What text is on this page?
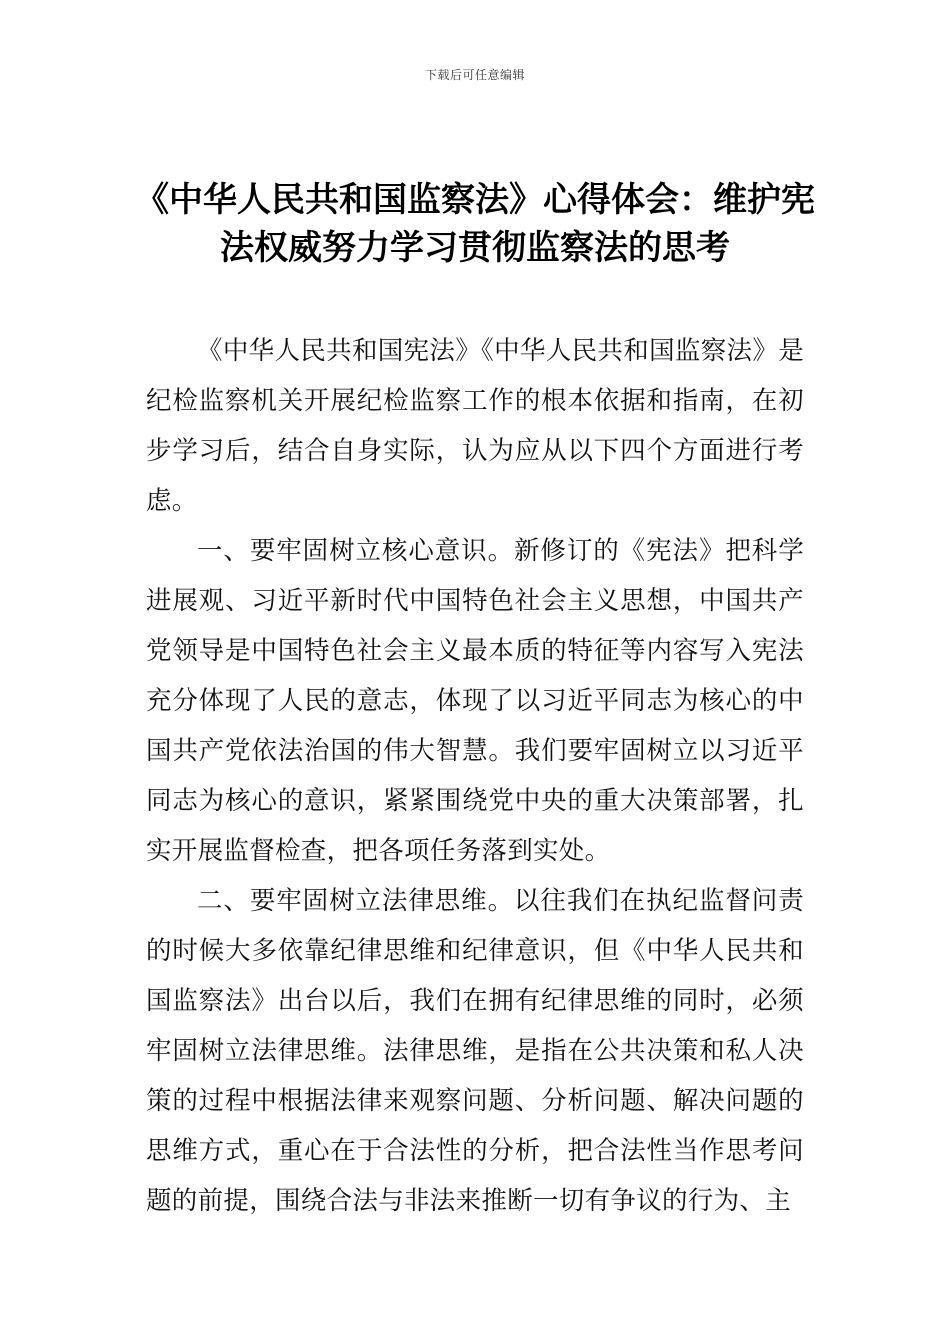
下载后可任意编辑
《中华人民共和国监察法》心得体会：维护宪法权威努力学习贯彻监察法的思考

《中华人民共和国宪法》《中华人民共和国监察法》是纪检监察机关开展纪检监察工作的根本依据和指南，在初步学习后，结合自身实际，认为应从以下四个方面进行考虑。

一、要牢固树立核心意识。新修订的《宪法》把科学进展观、习近平新时代中国特色社会主义思想，中国共产党领导是中国特色社会主义最本质的特征等内容写入宪法充分体现了人民的意志，体现了以习近平同志为核心的中国共产党依法治国的伟大智慧。我们要牢固树立以习近平同志为核心的意识，紧紧围绕党中央的重大决策部署，扎实开展监督检查，把各项任务落到实处。

二、要牢固树立法律思维。以往我们在执纪监督问责的时候大多依靠纪律思维和纪律意识，但《中华人民共和国监察法》出台以后，我们在拥有纪律思维的同时，必须牢固树立法律思维。法律思维，是指在公共决策和私人决策的过程中根据法律来观察问题、分析问题、解决问题的思维方式，重心在于合法性的分析，把合法性当作思考问题的前提，围绕合法与非法来推断一切有争议的行为、主
